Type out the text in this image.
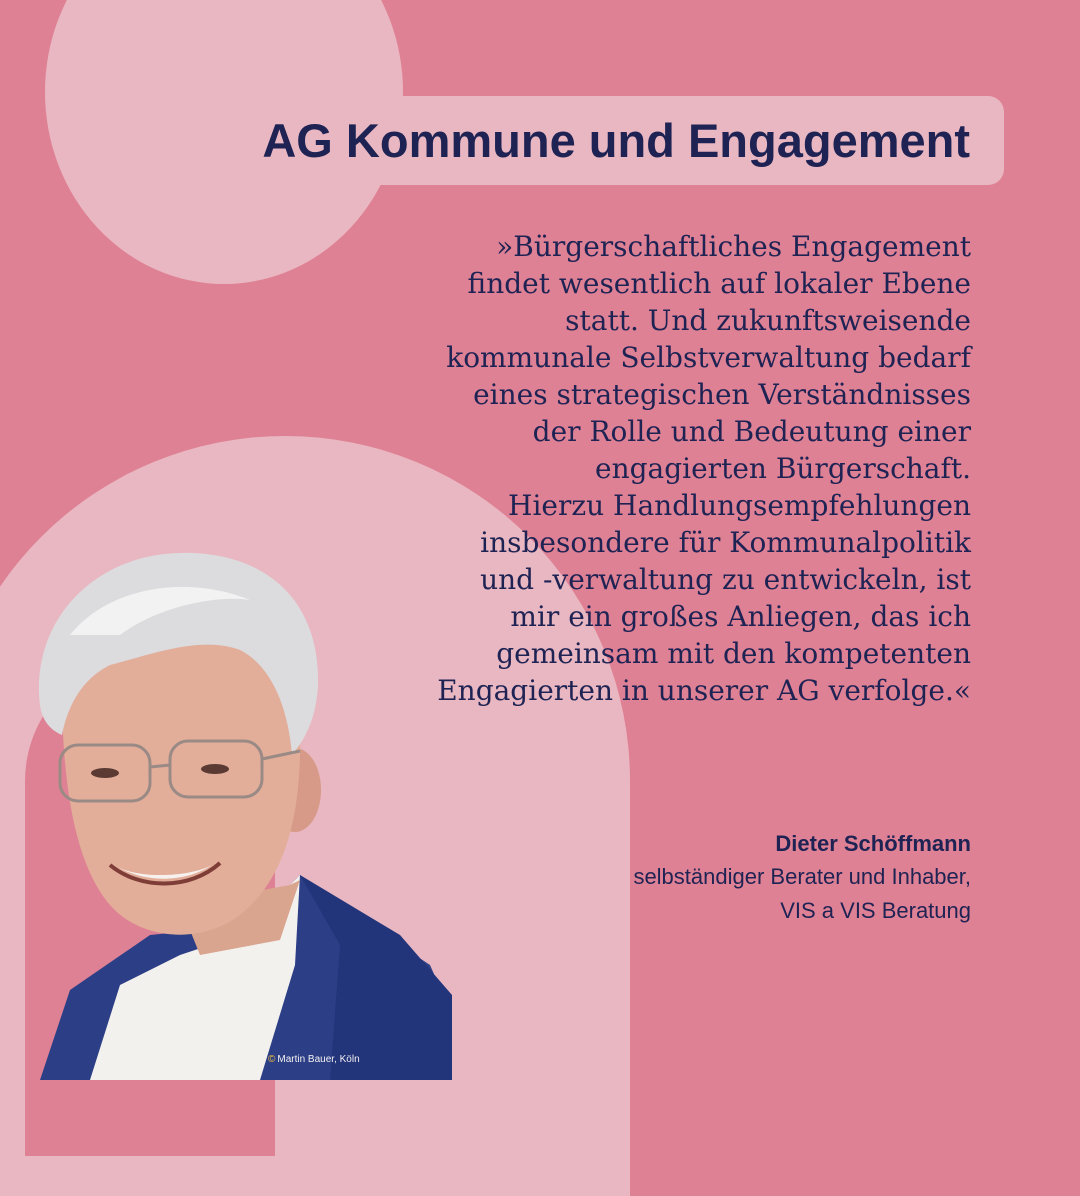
AG Kommune und Engagement
© Martin Bauer, Köln
»Bürgerschaftliches Engagement
findet wesentlich auf lokaler Ebene
statt. Und zukunftsweisende
kommunale Selbstverwaltung bedarf
eines strategischen Verständnisses
der Rolle und Bedeutung einer
engagierten Bürgerschaft.
Hierzu Handlungsempfehlungen
insbesondere für Kommunalpolitik
und -verwaltung zu entwickeln, ist
mir ein großes Anliegen, das ich
gemeinsam mit den kompetenten
Engagierten in unserer AG verfolge.«
Dieter Schöffmann
selbständiger Berater und Inhaber,
VIS a VIS Beratung
